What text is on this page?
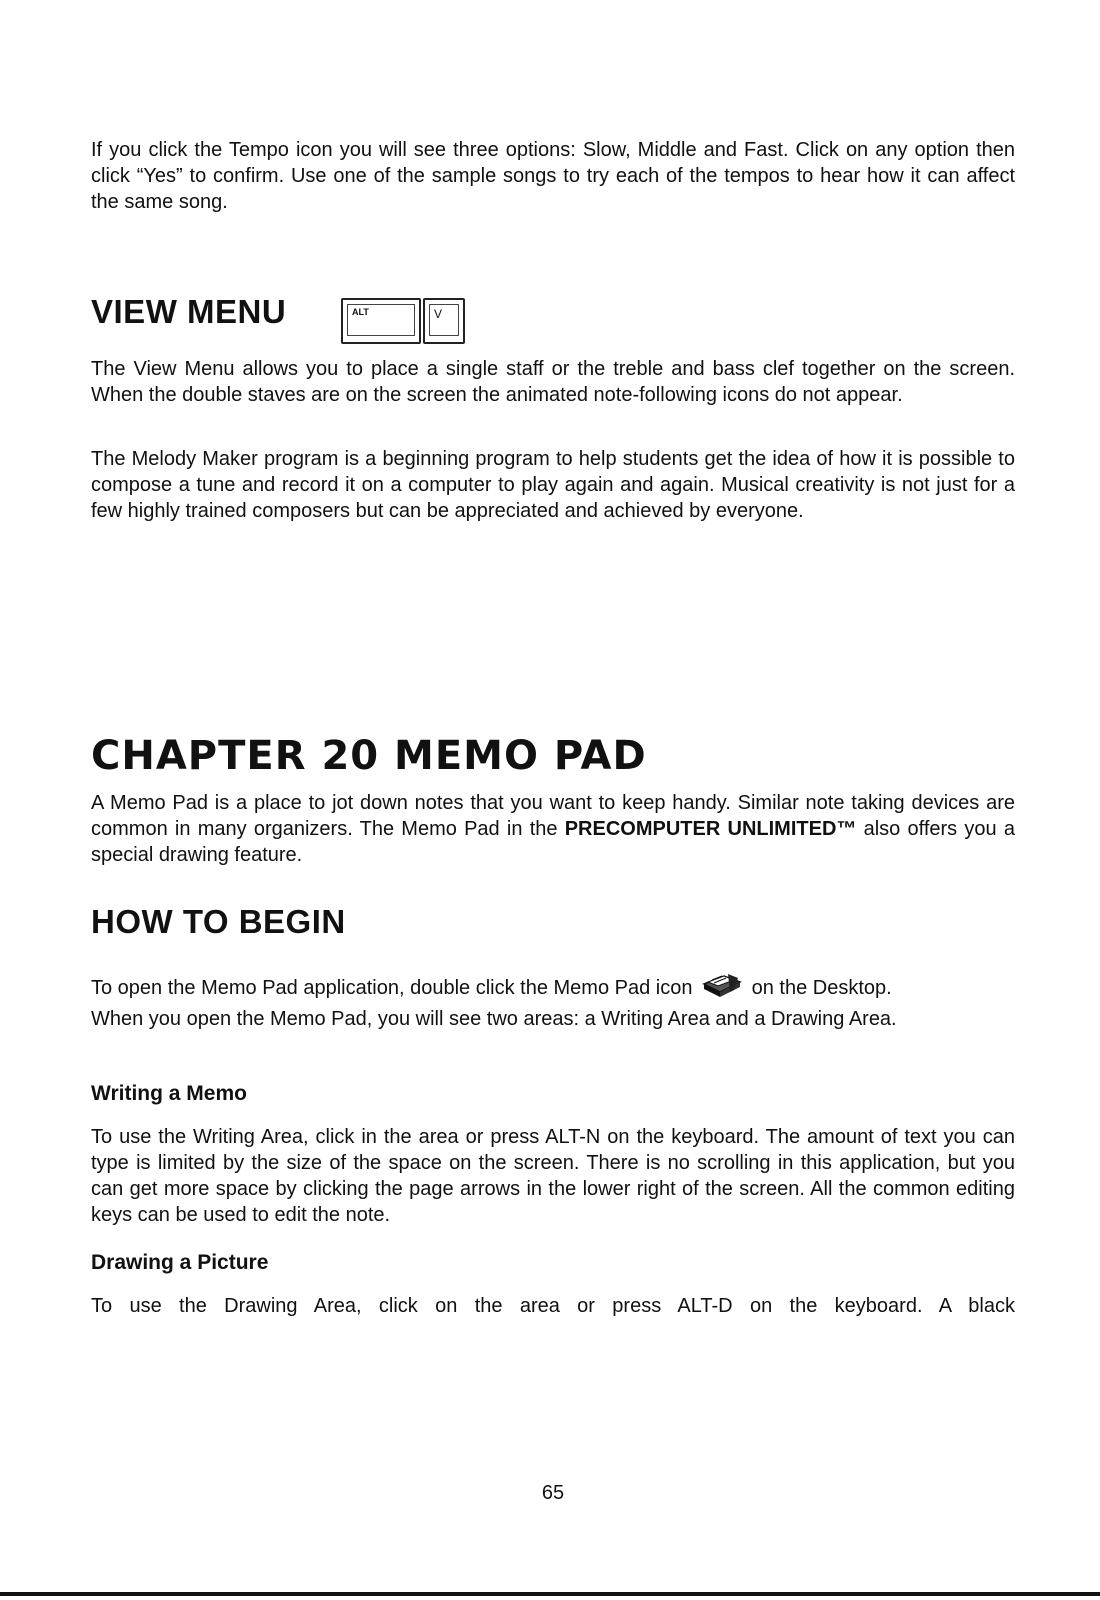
If you click the Tempo icon you will see three options: Slow, Middle and Fast. Click on any option then click “Yes” to confirm. Use one of the sample songs to try each of the tempos to hear how it can affect the same song.

VIEW MENU	ALT	V

The View Menu allows you to place a single staff or the treble and bass clef together on the screen. When the double staves are on the screen the animated note-following icons do not appear.

The Melody Maker program is a beginning program to help students get the idea of how it is possible to compose a tune and record it on a computer to play again and again. Musical creativity is not just for a few highly trained composers but can be appreciated and achieved by everyone.

CHAPTER 20 MEMO PAD

A Memo Pad is a place to jot down notes that you want to keep handy. Similar note taking devices are common in many organizers. The Memo Pad in the PRECOMPUTER UNLIMITED™ also offers you a special drawing feature.

HOW TO BEGIN

To open the Memo Pad application, double click the Memo Pad icon	on the Desktop.

When you open the Memo Pad, you will see two areas: a Writing Area and a Drawing Area.

Writing a Memo

To use the Writing Area, click in the area or press ALT-N on the keyboard. The amount of text you can type is limited by the size of the space on the screen. There is no scrolling in this application, but you can get more space by clicking the page arrows in the lower right of the screen. All the common editing keys can be used to edit the note.

Drawing a Picture

To use the Drawing Area, click on the area or press ALT-D on the keyboard. A black

65
